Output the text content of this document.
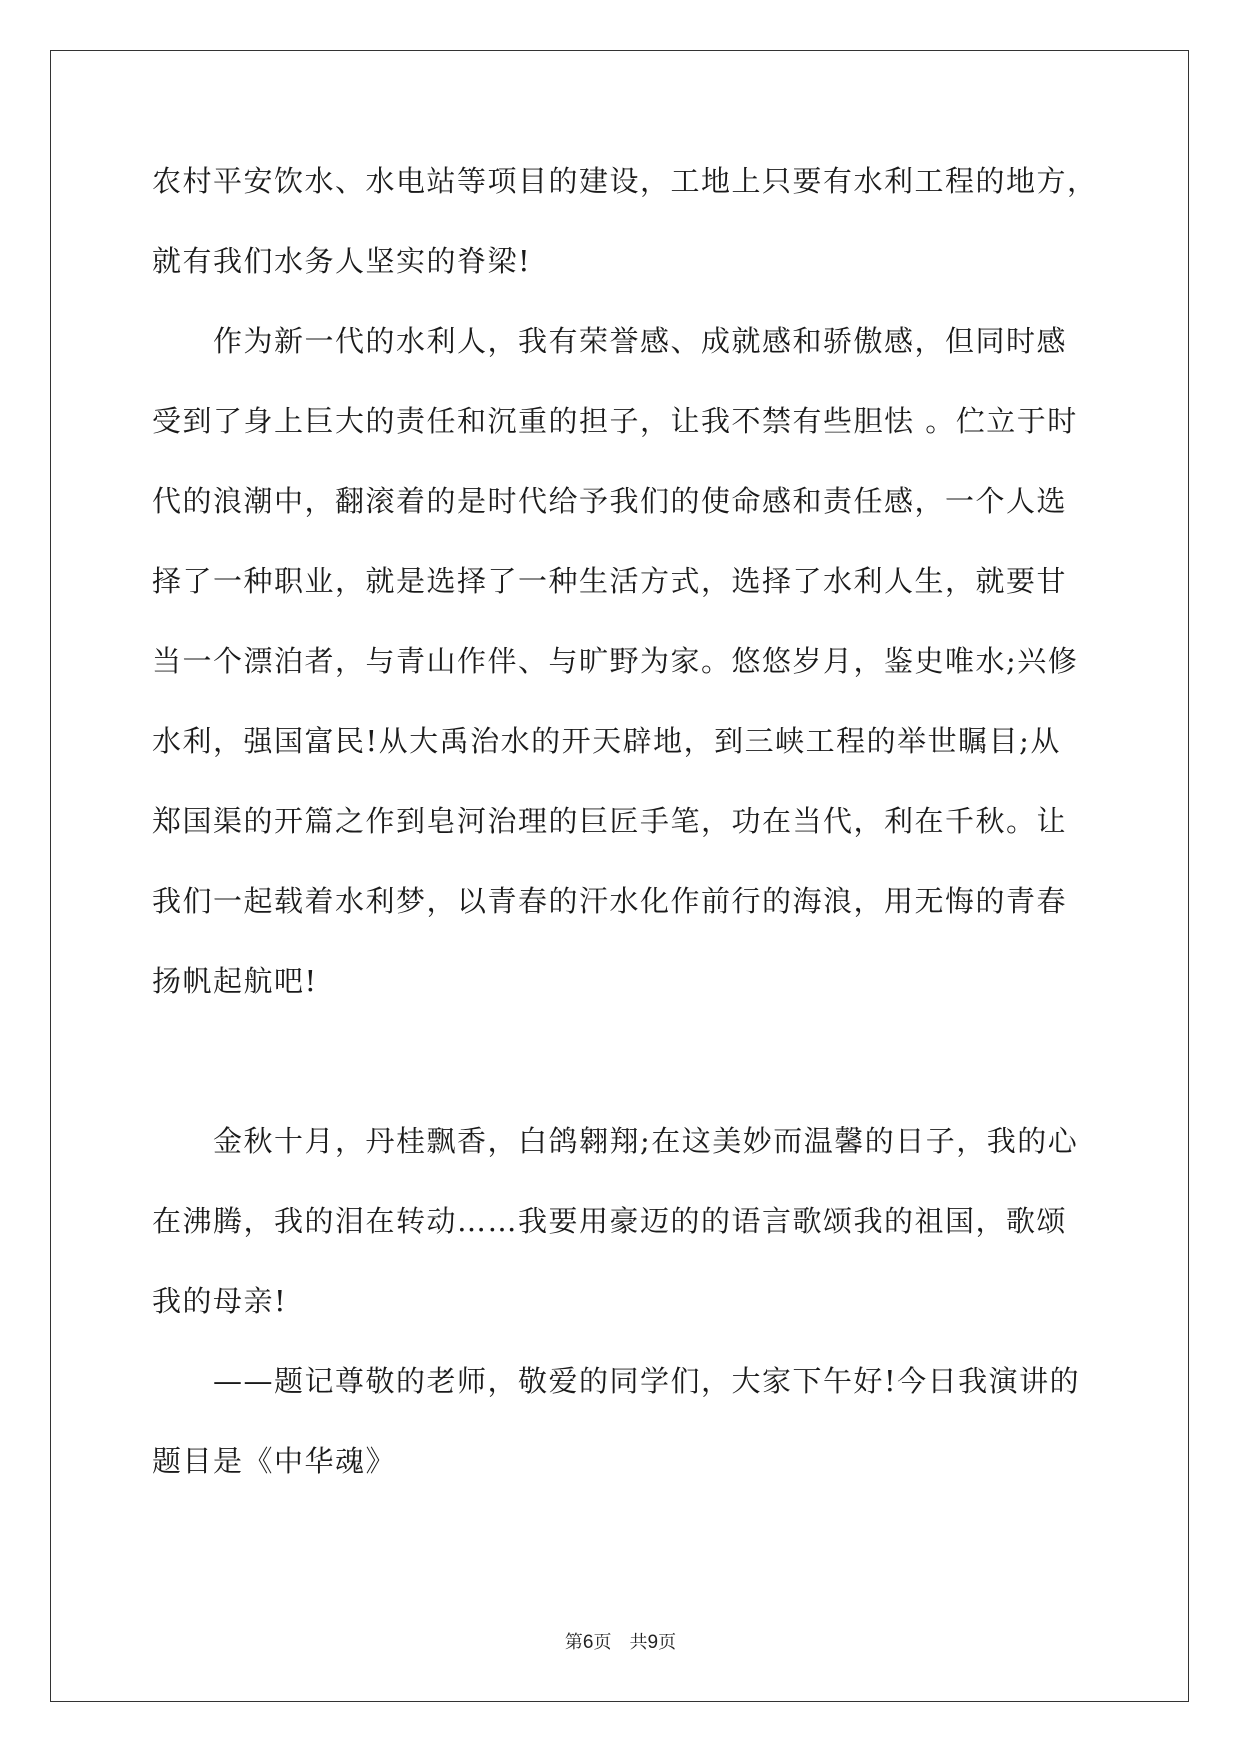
农村平安饮水、水电站等项目的建设，工地上只要有水利工程的地方，
就有我们水务人坚实的脊梁!
　　作为新一代的水利人，我有荣誉感、成就感和骄傲感，但同时感
受到了身上巨大的责任和沉重的担子，让我不禁有些胆怯 。伫立于时
代的浪潮中，翻滚着的是时代给予我们的使命感和责任感，一个人选
择了一种职业，就是选择了一种生活方式，选择了水利人生，就要甘
当一个漂泊者，与青山作伴、与旷野为家。悠悠岁月，鉴史唯水;兴修
水利，强国富民!从大禹治水的开天辟地，到三峡工程的举世瞩目;从
郑国渠的开篇之作到皂河治理的巨匠手笔，功在当代，利在千秋。让
我们一起载着水利梦，以青春的汗水化作前行的海浪，用无悔的青春
扬帆起航吧!
　　金秋十月，丹桂飘香，白鸽翱翔;在这美妙而温馨的日子，我的心
在沸腾，我的泪在转动……我要用豪迈的的语言歌颂我的祖国，歌颂
我的母亲!
　　——题记尊敬的老师，敬爱的同学们，大家下午好!今日我演讲的
题目是《中华魂》
第6页　共9页
